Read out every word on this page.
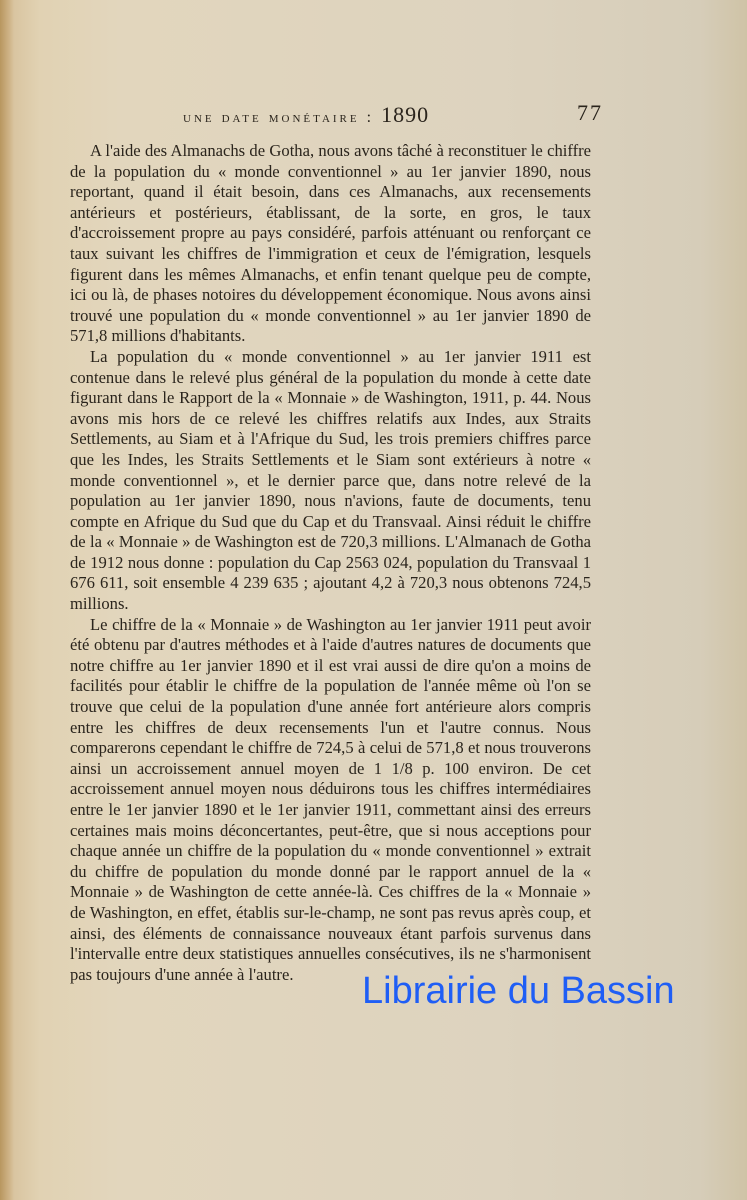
une date monétaire : 1890	77

A l'aide des Almanachs de Gotha, nous avons tâché à reconstituer le chiffre de la population du « monde conventionnel » au 1er janvier 1890, nous reportant, quand il était besoin, dans ces Almanachs, aux recensements antérieurs et postérieurs, établissant, de la sorte, en gros, le taux d'accroissement propre au pays considéré, parfois atténuant ou renforçant ce taux suivant les chiffres de l'immigration et ceux de l'émigration, lesquels figurent dans les mêmes Almanachs, et enfin tenant quelque peu de compte, ici ou là, de phases notoires du développement économique. Nous avons ainsi trouvé une population du « monde conventionnel » au 1er janvier 1890 de 571,8 millions d'habitants.

La population du « monde conventionnel » au 1er janvier 1911 est contenue dans le relevé plus général de la population du monde à cette date figurant dans le Rapport de la « Monnaie » de Washington, 1911, p. 44. Nous avons mis hors de ce relevé les chiffres relatifs aux Indes, aux Straits Settlements, au Siam et à l'Afrique du Sud, les trois premiers chiffres parce que les Indes, les Straits Settlements et le Siam sont extérieurs à notre « monde conventionnel », et le dernier parce que, dans notre relevé de la population au 1er janvier 1890, nous n'avions, faute de documents, tenu compte en Afrique du Sud que du Cap et du Transvaal. Ainsi réduit le chiffre de la « Monnaie » de Washington est de 720,3 millions. L'Almanach de Gotha de 1912 nous donne : population du Cap 2563 024, population du Transvaal 1 676 611, soit ensemble 4 239 635 ; ajoutant 4,2 à 720,3 nous obtenons 724,5 millions.

Le chiffre de la « Monnaie » de Washington au 1er janvier 1911 peut avoir été obtenu par d'autres méthodes et à l'aide d'autres natures de documents que notre chiffre au 1er janvier 1890 et il est vrai aussi de dire qu'on a moins de facilités pour établir le chiffre de la population de l'année même où l'on se trouve que celui de la population d'une année fort antérieure alors compris entre les chiffres de deux recensements l'un et l'autre connus. Nous comparerons cependant le chiffre de 724,5 à celui de 571,8 et nous trouverons ainsi un accroissement annuel moyen de 1 1/8 p. 100 environ. De cet accroissement annuel moyen nous déduirons tous les chiffres intermédiaires entre le 1er janvier 1890 et le 1er janvier 1911, commettant ainsi des erreurs certaines mais moins déconcertantes, peut-être, que si nous acceptions pour chaque année un chiffre de la population du « monde conventionnel » extrait du chiffre de population du monde donné par le rapport annuel de la « Monnaie » de Washington de cette année-là. Ces chiffres de la « Monnaie » de Washington, en effet, établis sur-le-champ, ne sont pas revus après coup, et ainsi, des éléments de connaissance nouveaux étant parfois survenus dans l'intervalle entre deux statistiques annuelles consécutives, ils ne s'harmonisent pas toujours d'une année à l'autre.	Librairie du Bassin
